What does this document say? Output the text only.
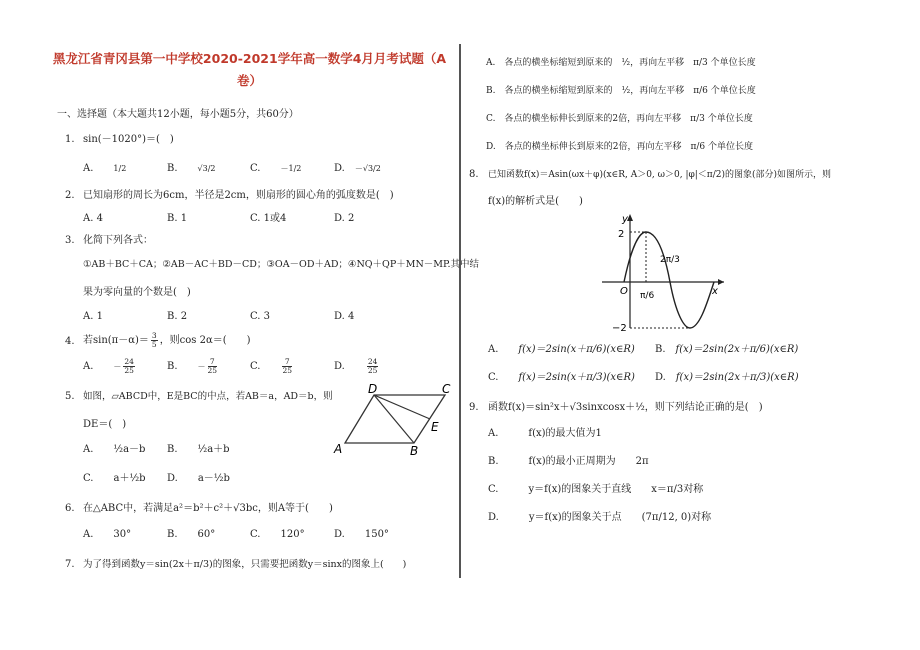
黑龙江省青冈县第一中学校2020-2021学年高一数学4月月考试题（A
卷）
一、选择题（本大题共12小题，每小题5分，共60分）
1. sin(－1020°)＝(　)
A.　　	1/2	B.　　	√3/2	C.　　	－1/2	D.　 －√3/2
2. 已知扇形的周长为6cm，半径是2cm，则扇形的圆心角的弧度数是(　)
A. 4	B. 1	C. 1或4	D. 2
3. 化简下列各式：
①AB＋BC＋CA；②AB－AC＋BD－CD；③OA－OD＋AD；④NQ＋QP＋MN－MP.其中结
果为零向量的个数是(　)
A. 1	B. 2	C. 3	D. 4
4. 若$\sin(\pi-\alpha)= \frac{3}{5}$ ，则cos 2α＝(　　)
A.　　	－ $\frac{24}{25}$	B.　　	－ $\frac{7}{25}$	C.　　	$\frac{7}{25}$	D.　　	$\frac{24}{25}$
5. 如图，▱ABCD中，E是BC的中点，若AB＝a，AD＝b，则
DE＝(　)
A.　　 ½a－b B.　　 ½a＋b
C.　　 a＋½b D.　　 a－½b
A	B
C
D
E
6. 在△ABC中，若满足a²＝b²＋c²＋√3bc，则A等于(　　)
A.　　 30°	B.　　 60°	C.　　 120°	D.　　 150°
7. 为了得到函数y＝sin(2x＋π/3)的图象，只需要把函数y＝sinx的图象上(　　)
A.　各点的横坐标缩短到原来的　½，再向左平移　π/3 个单位长度
B.　各点的横坐标缩短到原来的　½，再向左平移　π/6 个单位长度
C.　各点的横坐标伸长到原来的2倍，再向左平移　π/3 个单位长度
D.　各点的横坐标伸长到原来的2倍，再向左平移　π/6 个单位长度
8. 已知函数f(x)＝Asin(ωx＋φ)(x∈R, A＞0, ω＞0, |φ|＜π/2)的图象(部分)如图所示，则
f(x)的解析式是(　　)
x
y
O
2
−2
π/6
2π/3
A.　　 f(x)＝2sin(x＋π/6)(x∈R) B.　 f(x)＝2sin(2x＋π/6)(x∈R)
C.　　 f(x)＝2sin(x＋π/3)(x∈R) D.　 f(x)＝2sin(2x＋π/3)(x∈R)
9. 函数f(x)＝sin²x＋√3sinxcosx＋½，则下列结论正确的是(　)
A.　　　	f(x)的最大值为1
B.　　　	f(x)的最小正周期为　　2π
C.　　　	y＝f(x)的图象关于直线　　x＝π/3对称
D.　　　	y＝f(x)的图象关于点　　(7π/12, 0)对称
